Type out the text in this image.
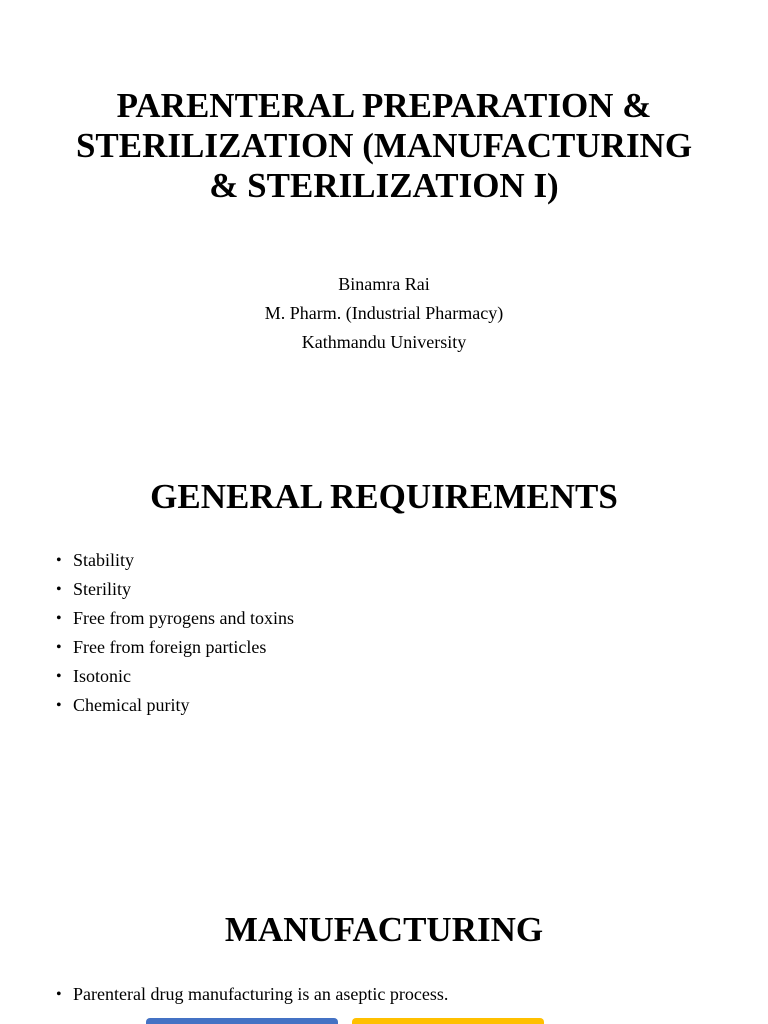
PARENTERAL PREPARATION &
STERILIZATION (MANUFACTURING
& STERILIZATION I)
Binamra Rai
M. Pharm. (Industrial Pharmacy)
Kathmandu University
GENERAL REQUIREMENTS
• Stability
• Sterility
• Free from pyrogens and toxins
• Free from foreign particles
• Isotonic
• Chemical purity
MANUFACTURING
• Parenteral drug manufacturing is an aseptic process.
